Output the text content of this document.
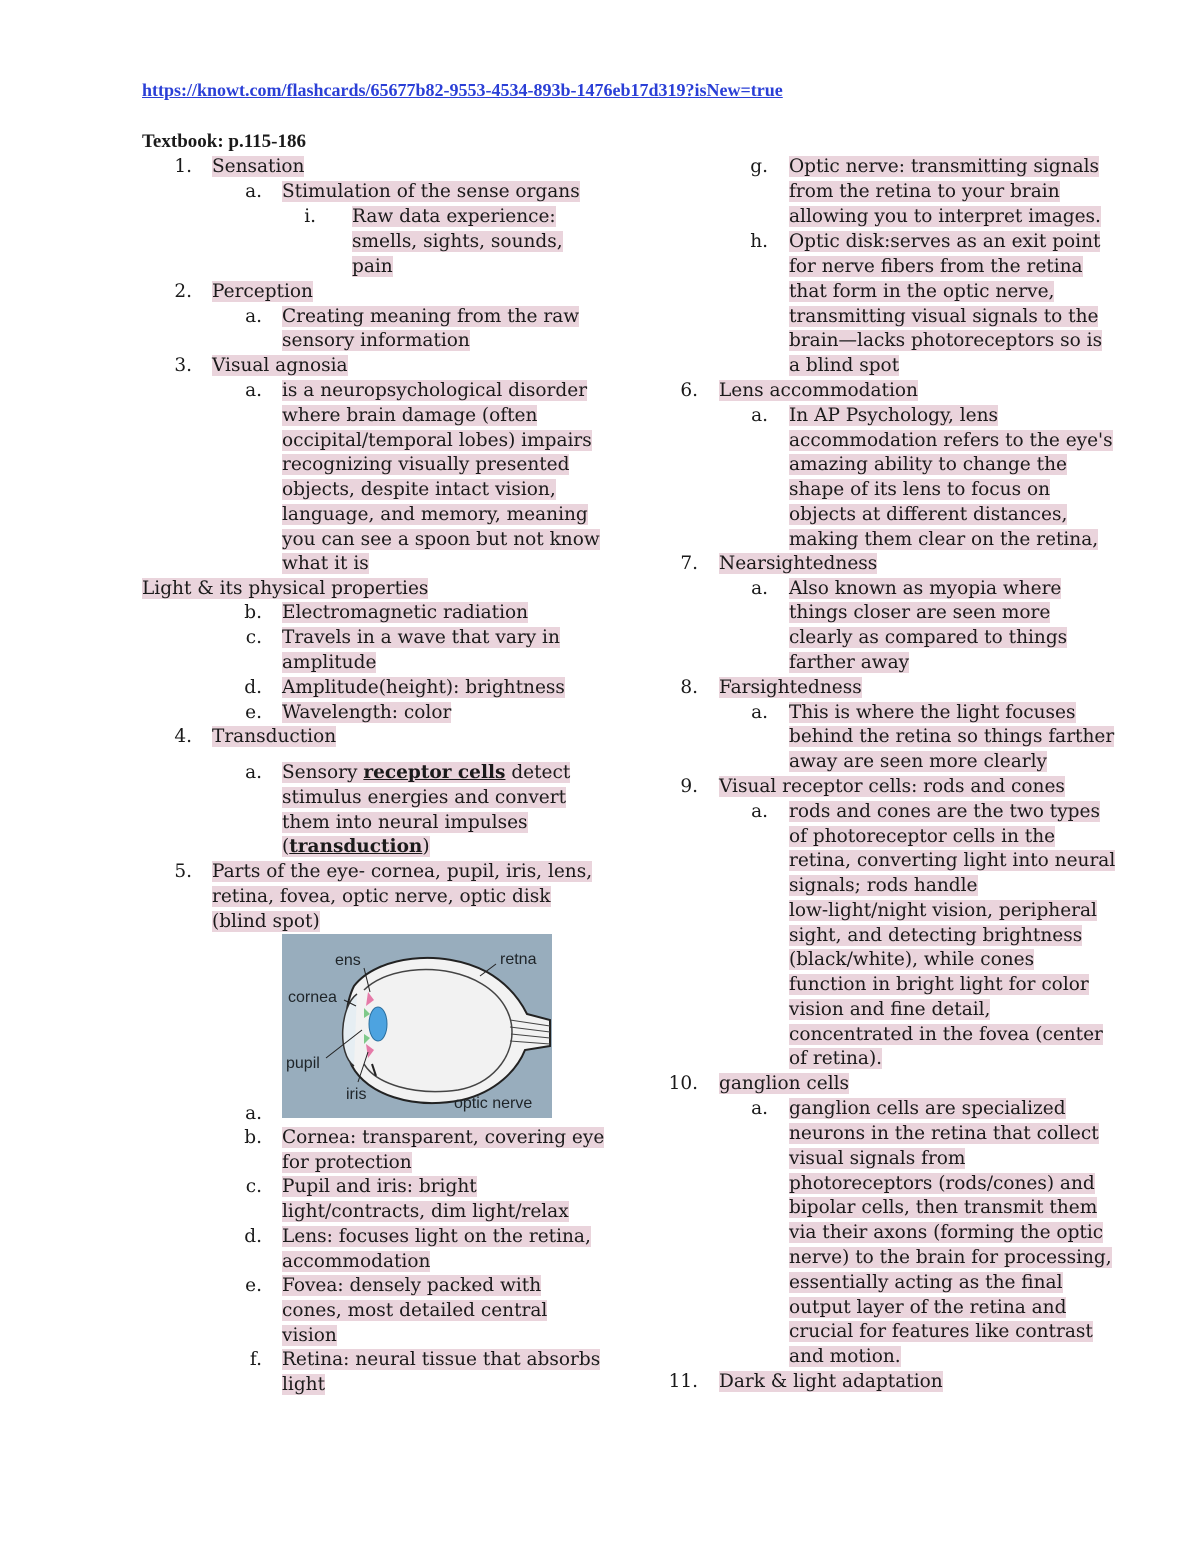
https://knowt.com/flashcards/65677b82-9553-4534-893b-1476eb17d319?isNew=true
Textbook: p.115-186
1. Sensation
a. Stimulation of the sense organs
i. Raw data experience:
smells, sights, sounds,
pain
2. Perception
a. Creating meaning from the raw
sensory information
3. Visual agnosia
a. is a neuropsychological disorder
where brain damage (often
occipital/temporal lobes) impairs
recognizing visually presented
objects, despite intact vision,
language, and memory, meaning
you can see a spoon but not know
what it is
Light & its physical properties
b. Electromagnetic radiation
c. Travels in a wave that vary in
amplitude
d. Amplitude(height): brightness
e. Wavelength: color
4. Transduction
a. Sensory receptor cells detect
stimulus energies and convert
them into neural impulses
(transduction)
5. Parts of the eye- cornea, pupil, iris, lens,
retina, fovea, optic nerve, optic disk
(blind spot)
ens	retna
cornea
pupil
iris
optic nerve
a.
b. Cornea: transparent, covering eye
for protection
c. Pupil and iris: bright
light/contracts, dim light/relax
d. Lens: focuses light on the retina,
accommodation
e. Fovea: densely packed with
cones, most detailed central
vision
f. Retina: neural tissue that absorbs
light
g. Optic nerve: transmitting signals
from the retina to your brain
allowing you to interpret images.
h. Optic disk:serves as an exit point
for nerve fibers from the retina
that form in the optic nerve,
transmitting visual signals to the
brain—lacks photoreceptors so is
a blind spot
6. Lens accommodation
a. In AP Psychology, lens
accommodation refers to the eye's
amazing ability to change the
shape of its lens to focus on
objects at different distances,
making them clear on the retina,
7. Nearsightedness
a. Also known as myopia where
things closer are seen more
clearly as compared to things
farther away
8. Farsightedness
a. This is where the light focuses
behind the retina so things farther
away are seen more clearly
9. Visual receptor cells: rods and cones
a. rods and cones are the two types
of photoreceptor cells in the
retina, converting light into neural
signals; rods handle
low-light/night vision, peripheral
sight, and detecting brightness
(black/white), while cones
function in bright light for color
vision and fine detail,
concentrated in the fovea (center
of retina).
10. ganglion cells
a. ganglion cells are specialized
neurons in the retina that collect
visual signals from
photoreceptors (rods/cones) and
bipolar cells, then transmit them
via their axons (forming the optic
nerve) to the brain for processing,
essentially acting as the final
output layer of the retina and
crucial for features like contrast
and motion.
11. Dark & light adaptation
